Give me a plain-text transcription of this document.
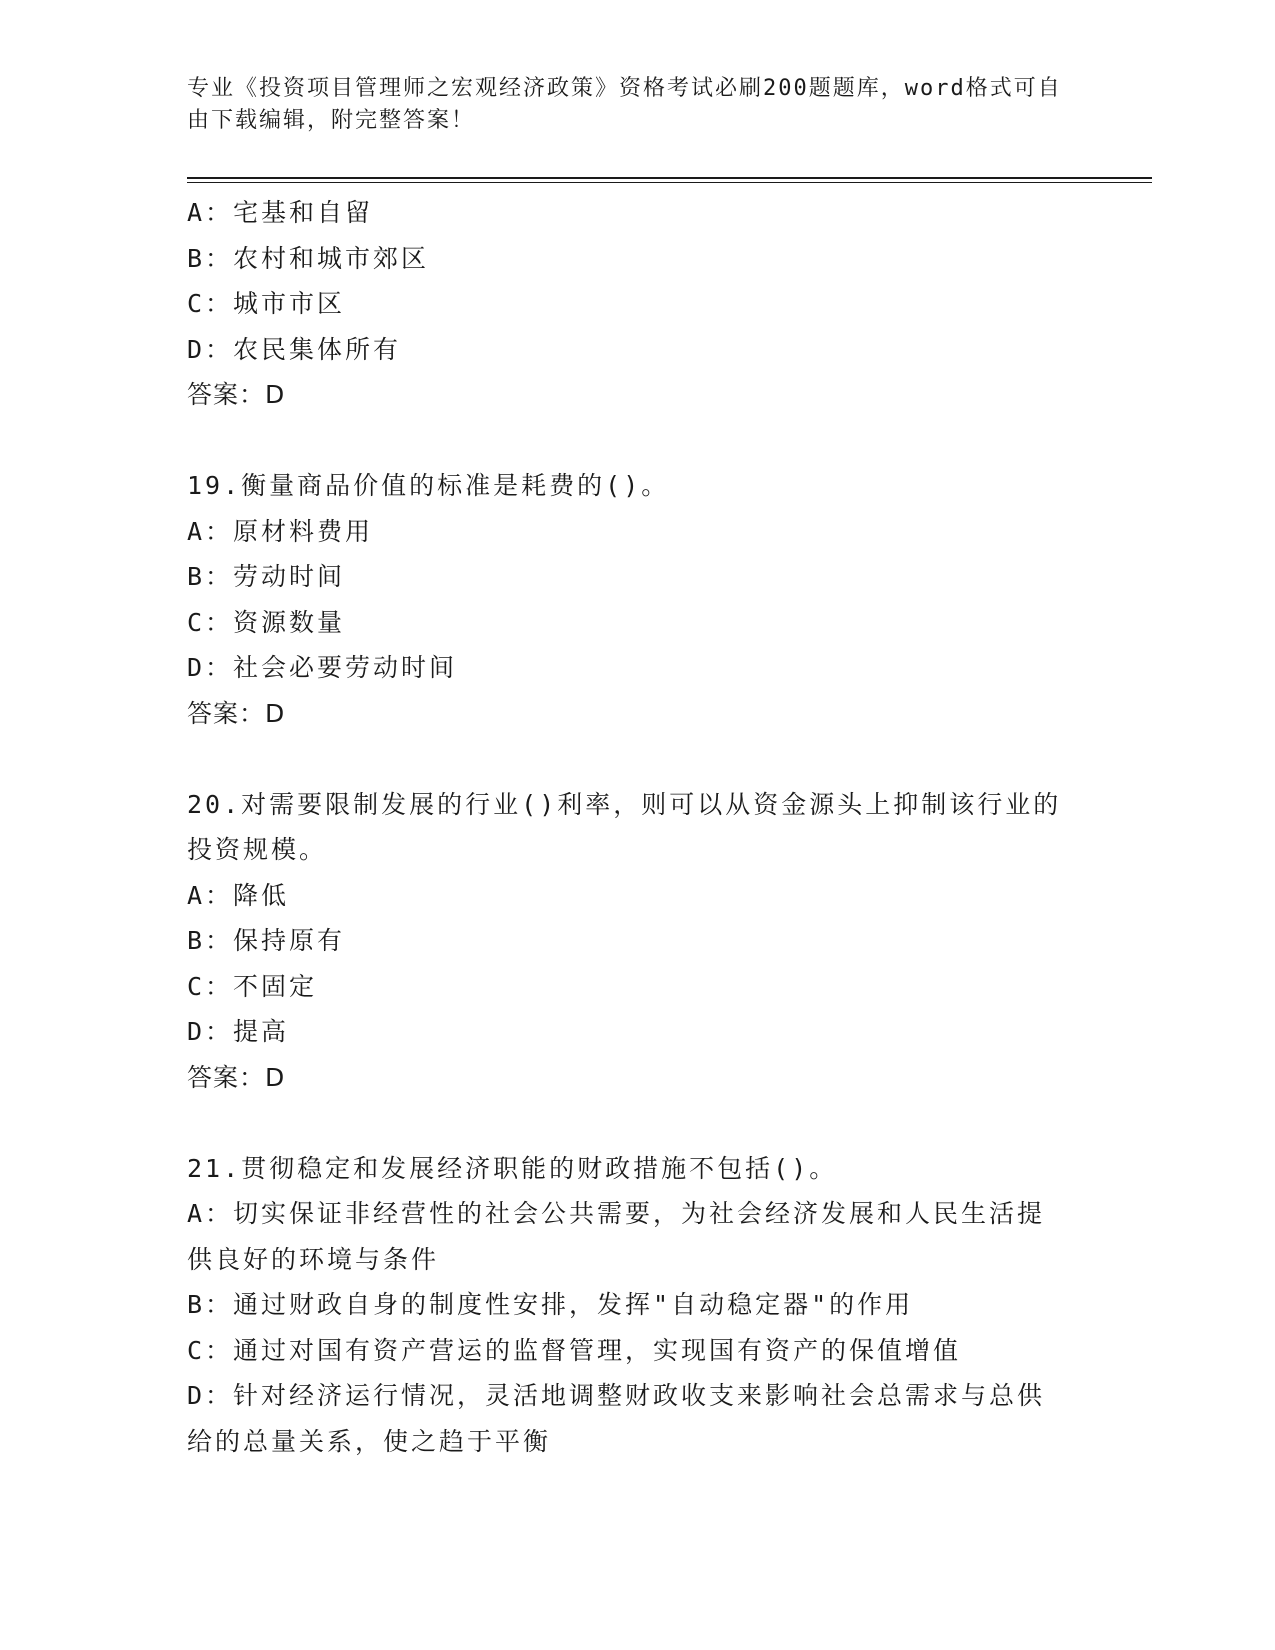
专业《投资项目管理师之宏观经济政策》资格考试必刷200题题库，word格式可自由下载编辑，附完整答案！
A：宅基和自留
B：农村和城市郊区
C：城市市区
D：农民集体所有
答案：D
19.衡量商品价值的标准是耗费的()。
A：原材料费用
B：劳动时间
C：资源数量
D：社会必要劳动时间
答案：D
20.对需要限制发展的行业()利率，则可以从资金源头上抑制该行业的投资规模。
A：降低
B：保持原有
C：不固定
D：提高
答案：D
21.贯彻稳定和发展经济职能的财政措施不包括()。
A：切实保证非经营性的社会公共需要，为社会经济发展和人民生活提供良好的环境与条件
B：通过财政自身的制度性安排，发挥"自动稳定器"的作用
C：通过对国有资产营运的监督管理，实现国有资产的保值增值
D：针对经济运行情况，灵活地调整财政收支来影响社会总需求与总供给的总量关系，使之趋于平衡
